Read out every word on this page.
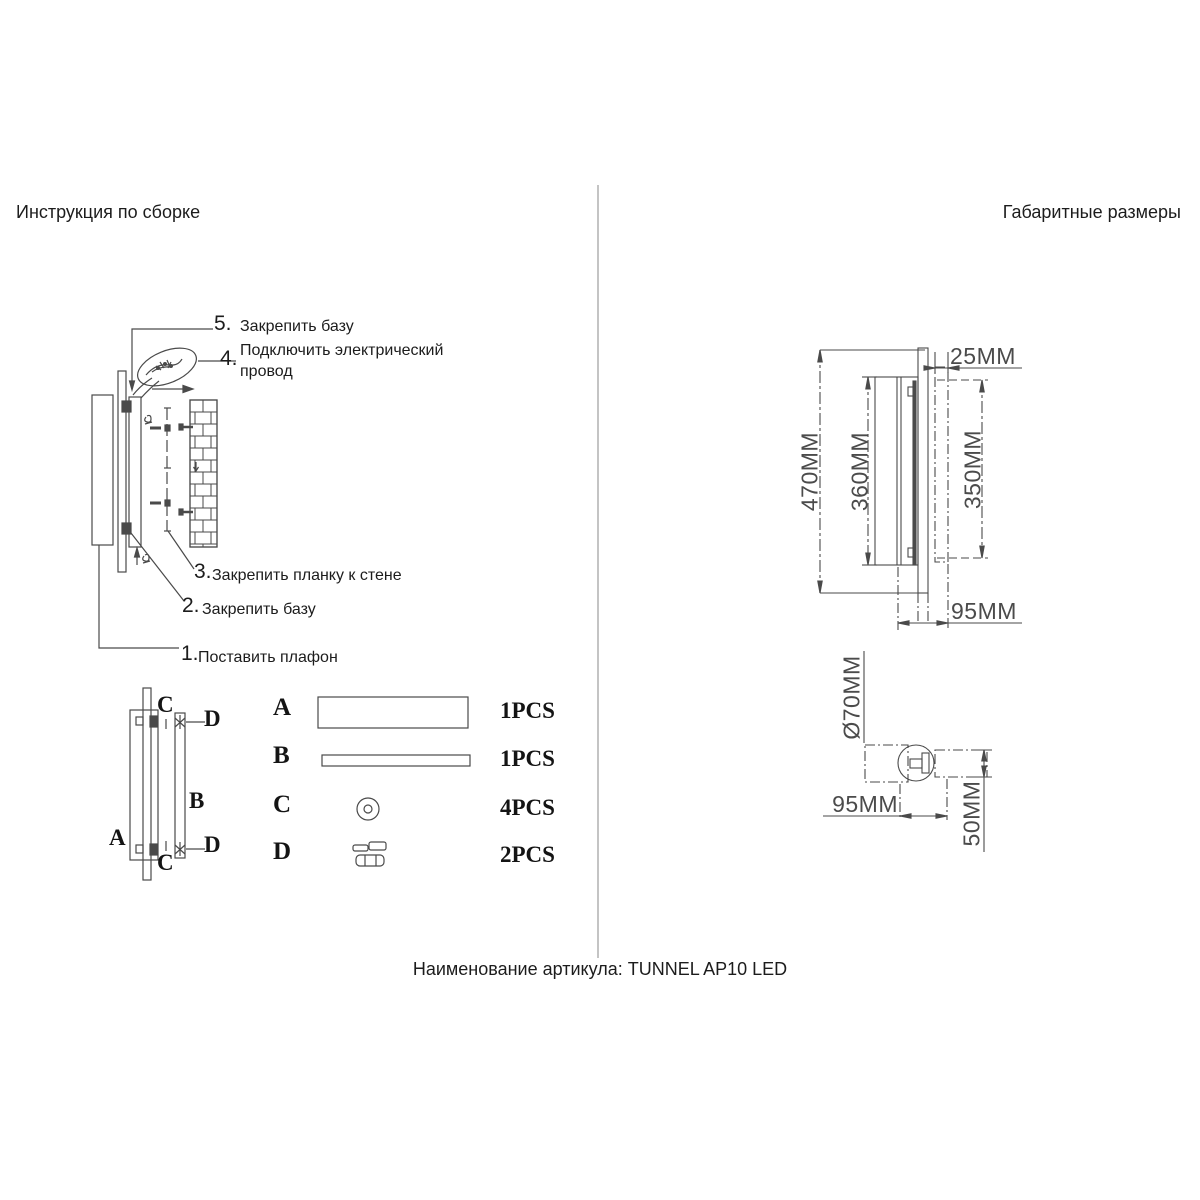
Инструкция по сборке	Габаритные размеры
5. Закрепить базу
4. Подключить электрический провод
3. Закрепить планку к стене
2. Закрепить базу
1. Поставить плафон
C
D
B
A	D
C
A	1PCS
B	1PCS
C	4PCS
D	2PCS
470MM 360MM	350MM
25MM
95MM
Ø70MM
95MM	50MM
Наименование артикула: TUNNEL AP10 LED
